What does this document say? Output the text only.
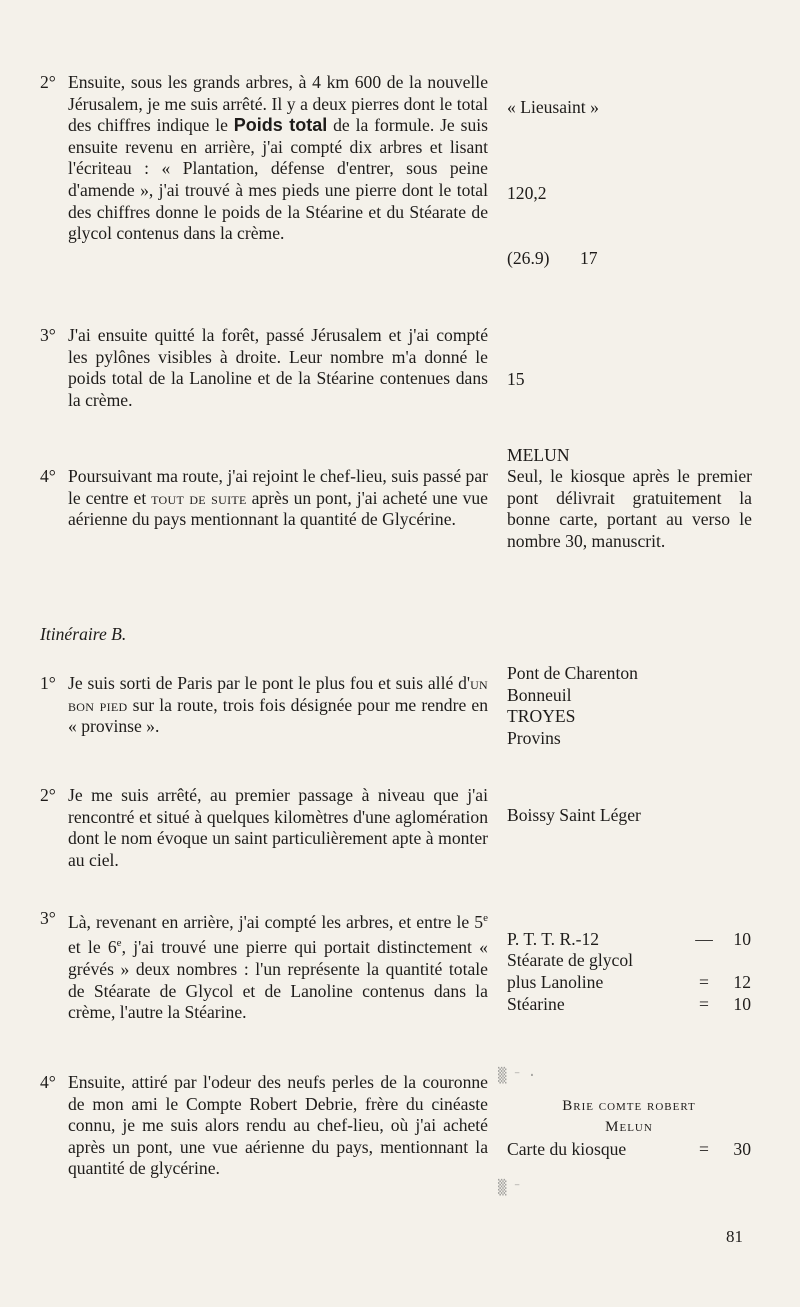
2° Ensuite, sous les grands arbres, à 4 km 600 de la nouvelle Jérusalem, je me suis arrêté. Il y a deux pierres dont le total des chiffres indique le Poids total de la formule. Je suis ensuite revenu en arrière, j'ai compté dix arbres et lisant l'écriteau : « Plantation, défense d'entrer, sous peine d'amende », j'ai trouvé à mes pieds une pierre dont le total des chiffres donne le poids de la Stéarine et du Stéarate de glycol contenus dans la crème.
3° J'ai ensuite quitté la forêt, passé Jérusalem et j'ai compté les pylônes visibles à droite. Leur nombre m'a donné le poids total de la Lanoline et de la Stéarine contenues dans la crème.
4° Poursuivant ma route, j'ai rejoint le chef-lieu, suis passé par le centre et tout de suite après un pont, j'ai acheté une vue aérienne du pays mentionnant la quantité de Glycérine.
Itinéraire B.
1° Je suis sorti de Paris par le pont le plus fou et suis allé d'un bon pied sur la route, trois fois désignée pour me rendre en « provinse ».
2° Je me suis arrêté, au premier passage à niveau que j'ai rencontré et situé à quelques kilomètres d'une aglomération dont le nom évoque un saint particulièrement apte à monter au ciel.
3° Là, revenant en arrière, j'ai compté les arbres, et entre le 5e et le 6e, j'ai trouvé une pierre qui portait distinctement « grévés » deux nombres : l'un représente la quantité totale de Stéarate de Glycol et de Lanoline contenus dans la crème, l'autre la Stéarine.
4° Ensuite, attiré par l'odeur des neufs perles de la couronne de mon ami le Compte Robert Debrie, frère du cinéaste connu, je me suis alors rendu au chef-lieu, où j'ai acheté après un pont, une vue aérienne du pays, mentionnant la quantité de glycérine.
« Lieusaint »
120,2
(26.9) 17
15
MELUN
Seul, le kiosque après le premier pont délivrait gratuitement la bonne carte, portant au verso le nombre 30, manuscrit.
Pont de Charenton
Bonneuil
TROYES
Provins
Boissy Saint Léger
P. T. T. R.-12	— 10
Stéarate de glycol
plus Lanoline	= 12
Stéarine	= 10
▒ ⁻ ·
Brie comte robert
Melun
Carte du kiosque	= 30
▒ ⁻
81
